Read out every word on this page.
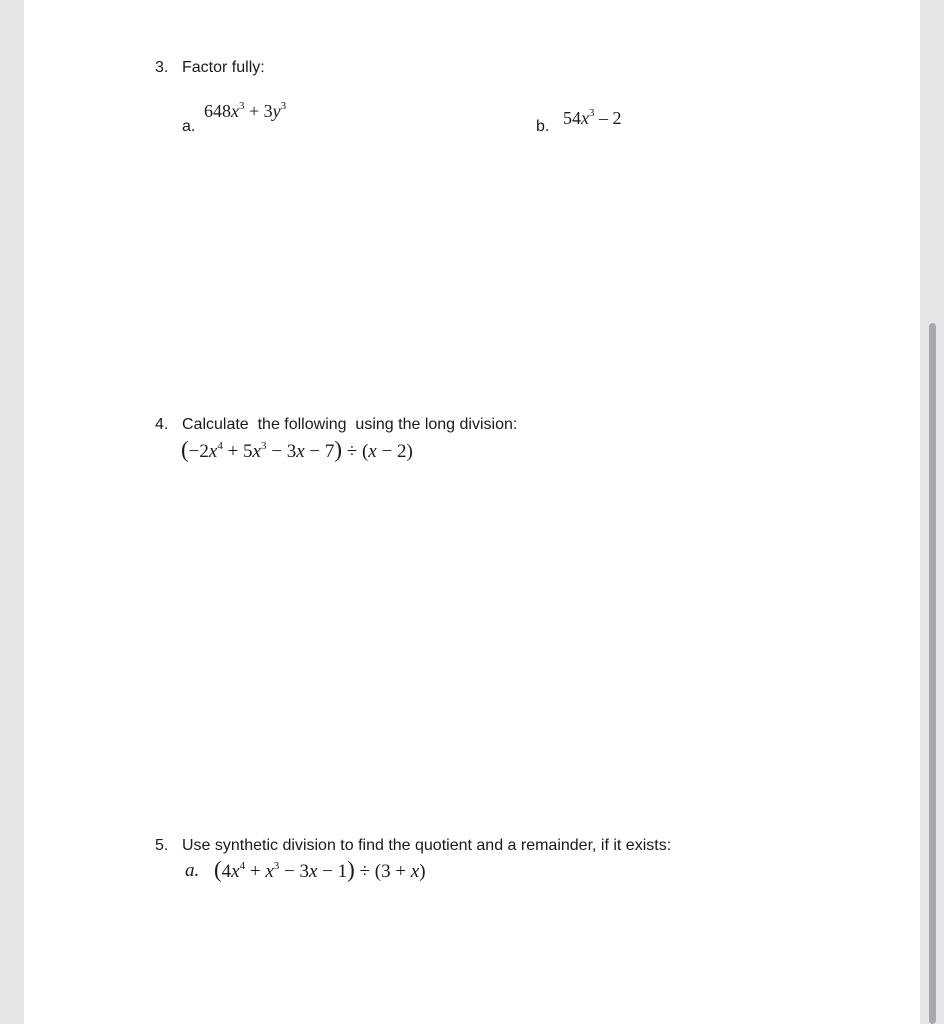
3. Factor fully:
a.
$648x^3 + 3y^3$
b. $54x^3 - 2$
4. Calculate  the following  using the long division:
$(-2x^4 + 5x^3 - 3x - 7) \div (x - 2)$
5. Use synthetic division to find the quotient and a remainder, if it exists:
a. $(4x^4 + x^3 - 3x - 1) \div (3 + x)$
